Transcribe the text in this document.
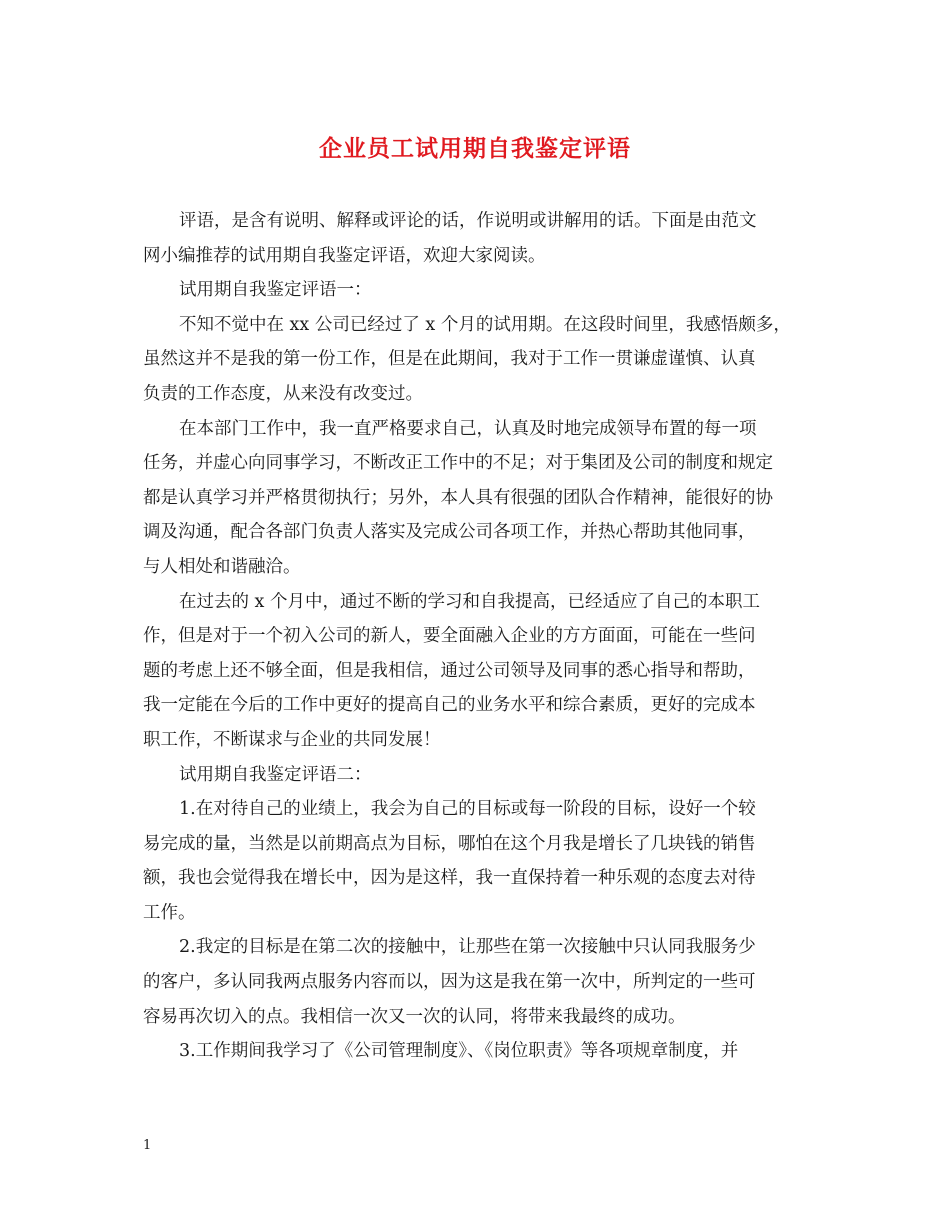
企业员工试用期自我鉴定评语
评语，是含有说明、解释或评论的话，作说明或讲解用的话。下面是由范文
网小编推荐的试用期自我鉴定评语，欢迎大家阅读。
试用期自我鉴定评语一：
不知不觉中在 xx 公司已经过了 x 个月的试用期。在这段时间里，我感悟颇多，
虽然这并不是我的第一份工作，但是在此期间，我对于工作一贯谦虚谨慎、认真
负责的工作态度，从来没有改变过。
在本部门工作中，我一直严格要求自己，认真及时地完成领导布置的每一项
任务，并虚心向同事学习，不断改正工作中的不足；对于集团及公司的制度和规定
都是认真学习并严格贯彻执行；另外，本人具有很强的团队合作精神，能很好的协
调及沟通，配合各部门负责人落实及完成公司各项工作，并热心帮助其他同事，
与人相处和谐融洽。
在过去的 x 个月中，通过不断的学习和自我提高，已经适应了自己的本职工
作，但是对于一个初入公司的新人，要全面融入企业的方方面面，可能在一些问
题的考虑上还不够全面，但是我相信，通过公司领导及同事的悉心指导和帮助，
我一定能在今后的工作中更好的提高自己的业务水平和综合素质，更好的完成本
职工作，不断谋求与企业的共同发展！
试用期自我鉴定评语二：
1.在对待自己的业绩上，我会为自己的目标或每一阶段的目标，设好一个较
易完成的量，当然是以前期高点为目标，哪怕在这个月我是增长了几块钱的销售
额，我也会觉得我在增长中，因为是这样，我一直保持着一种乐观的态度去对待
工作。
2.我定的目标是在第二次的接触中，让那些在第一次接触中只认同我服务少
的客户，多认同我两点服务内容而以，因为这是我在第一次中，所判定的一些可
容易再次切入的点。我相信一次又一次的认同，将带来我最终的成功。
3.工作期间我学习了《公司管理制度》、《岗位职责》等各项规章制度，并
1
